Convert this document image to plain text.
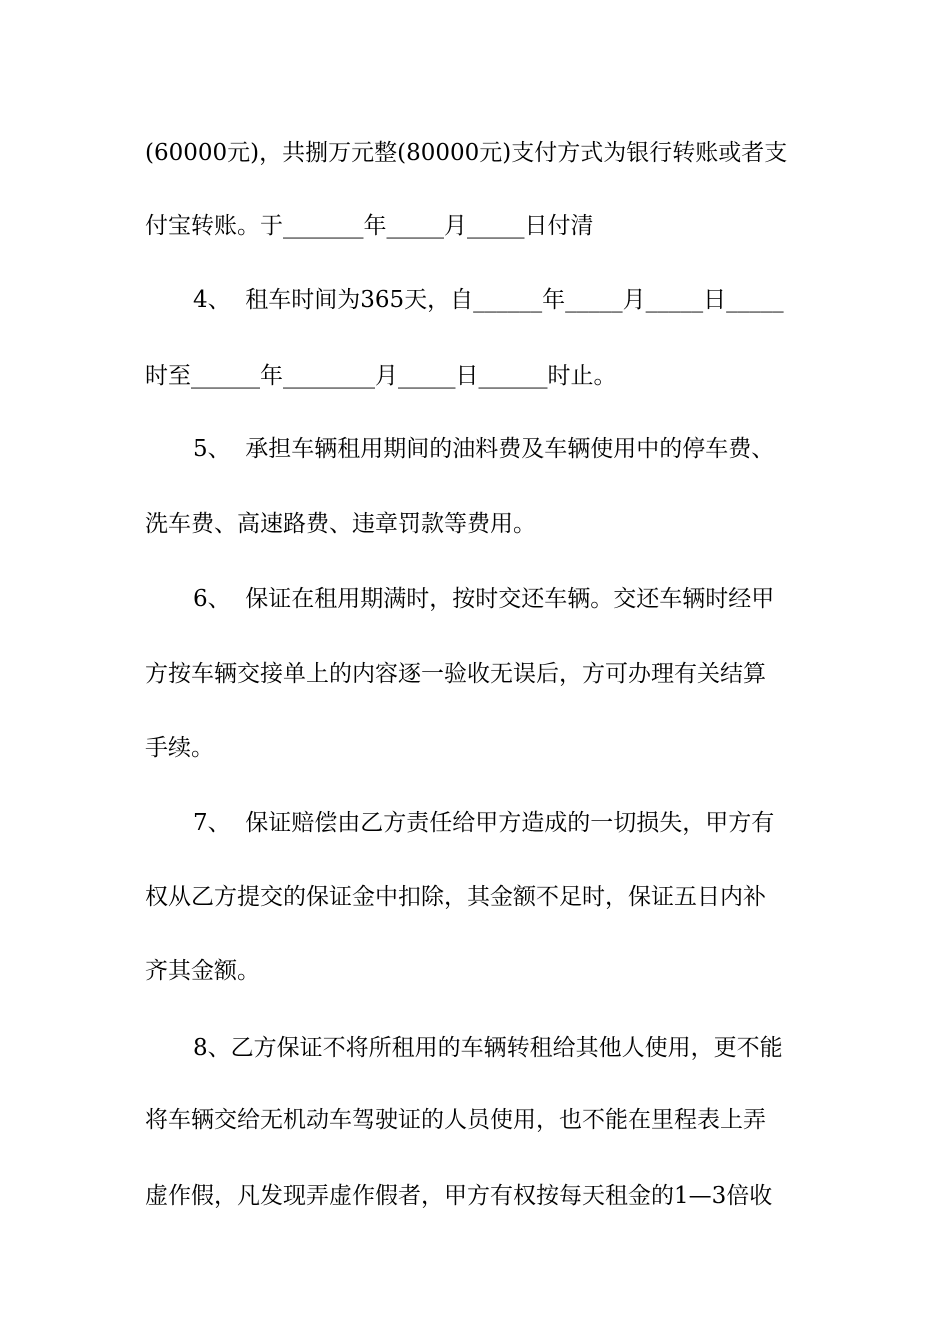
(60000元)，共捌万元整(80000元)支付方式为银行转账或者支
付宝转账。于_______年_____月_____日付清
4、  租车时间为365天，自______年_____月_____日_____
时至______年________月_____日______时止。
5、  承担车辆租用期间的油料费及车辆使用中的停车费、
洗车费、高速路费、违章罚款等费用。
6、  保证在租用期满时，按时交还车辆。交还车辆时经甲
方按车辆交接单上的内容逐一验收无误后，方可办理有关结算
手续。
7、  保证赔偿由乙方责任给甲方造成的一切损失，甲方有
权从乙方提交的保证金中扣除，其金额不足时，保证五日内补
齐其金额。
8、乙方保证不将所租用的车辆转租给其他人使用，更不能
将车辆交给无机动车驾驶证的人员使用，也不能在里程表上弄
虚作假，凡发现弄虚作假者，甲方有权按每天租金的1—3倍收
